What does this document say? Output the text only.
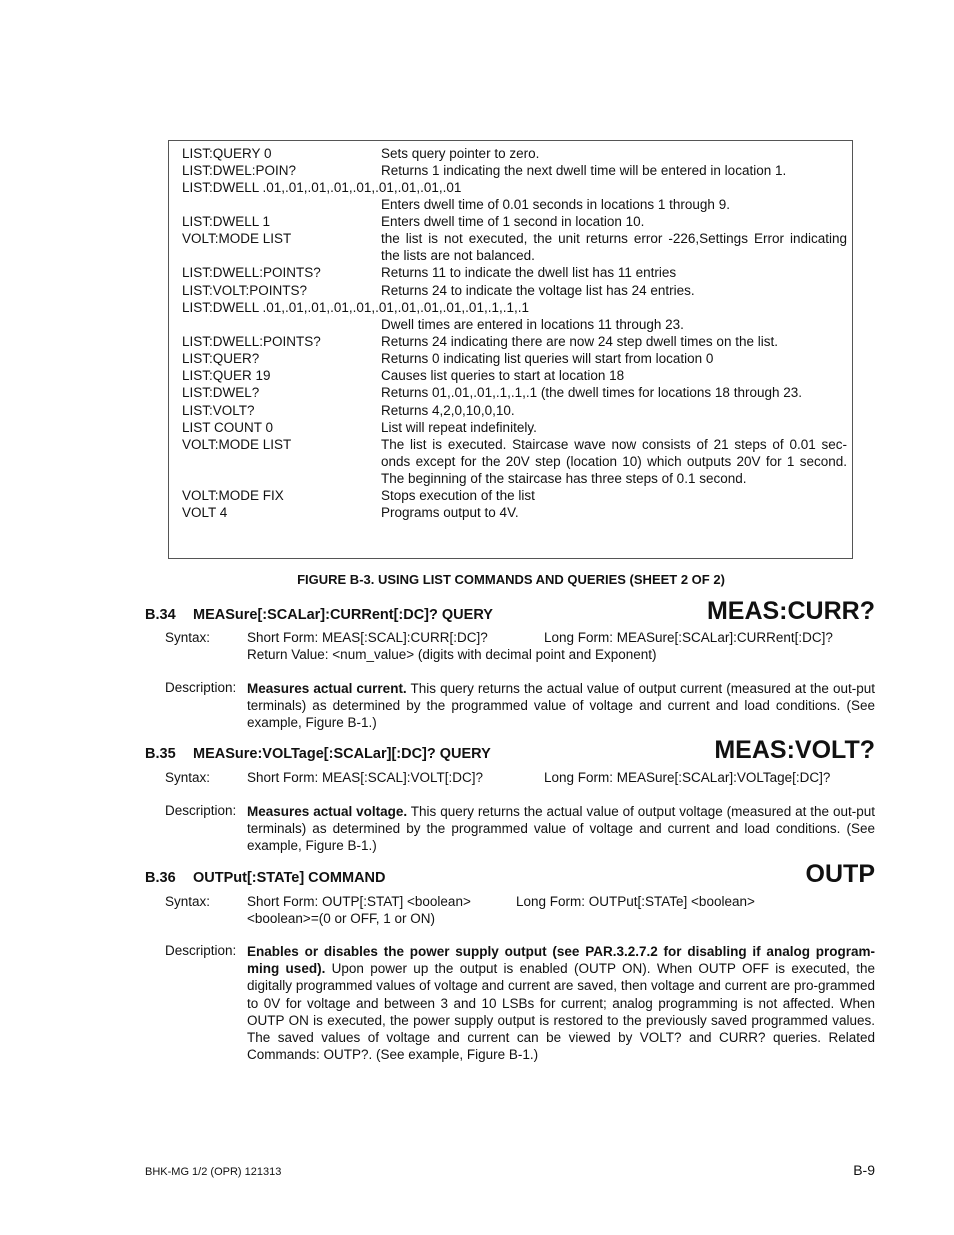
LIST:QUERY 0	Sets query pointer to zero.
LIST:DWEL:POIN?	Returns 1 indicating the next dwell time will be entered in location 1.
LIST:DWELL .01,.01,.01,.01,.01,.01,.01,.01,.01
Enters dwell time of 0.01 seconds in locations 1 through 9.
LIST:DWELL 1	Enters dwell time of 1 second in location 10.
VOLT:MODE LIST	the list is not executed, the unit returns error -226,Settings Error indicating
the lists are not balanced.
LIST:DWELL:POINTS?	Returns 11 to indicate the dwell list has 11 entries
LIST:VOLT:POINTS?	Returns 24 to indicate the voltage list has 24 entries.
LIST:DWELL .01,.01,.01,.01,.01,.01,.01,.01,.01,.01,.1,.1,.1
Dwell times are entered in locations 11 through 23.
LIST:DWELL:POINTS?	Returns 24 indicating there are now 24 step dwell times on the list.
LIST:QUER?	Returns 0 indicating list queries will start from location 0
LIST:QUER 19	Causes list queries to start at location 18
LIST:DWEL?	Returns 01,.01,.01,.1,.1,.1 (the dwell times for locations 18 through 23.
LIST:VOLT?	Returns 4,2,0,10,0,10.
LIST COUNT 0	List will repeat indefinitely.
VOLT:MODE LIST	The list is executed. Staircase wave now consists of 21 steps of 0.01 sec-
onds except for the 20V step (location 10) which outputs 20V for 1 second.
The beginning of the staircase has three steps of 0.1 second.
VOLT:MODE FIX	Stops execution of the list
VOLT 4	Programs output to 4V.
FIGURE B-3. USING LIST COMMANDS AND QUERIES (SHEET 2 OF 2)
B.34 MEASure[:SCALar]:CURRent[:DC]? QUERY	MEAS:CURR?
Syntax:	Short Form: MEAS[:SCAL]:CURR[:DC]?	Long Form: MEASure[:SCALar]:CURRent[:DC]?
Return Value: <num_value> (digits with decimal point and Exponent)
Description: Measures actual current. This query returns the actual value of output current (measured at the out-put terminals) as determined by the programmed value of voltage and current and load conditions. (See example, Figure B-1.)
B.35 MEASure:VOLTage[:SCALar][:DC]? QUERY	MEAS:VOLT?
Syntax:	Short Form: MEAS[:SCAL]:VOLT[:DC]?	Long Form: MEASure[:SCALar]:VOLTage[:DC]?
Description: Measures actual voltage. This query returns the actual value of output voltage (measured at the out-put terminals) as determined by the programmed value of voltage and current and load conditions. (See example, Figure B-1.)
B.36 OUTPut[:STATe] COMMAND	OUTP
Syntax:	Short Form: OUTP[:STAT] <boolean>	Long Form: OUTPut[:STATe] <boolean>
<boolean>=(0 or OFF, 1 or ON)
Description: Enables or disables the power supply output (see PAR.3.2.7.2 for disabling if analog program-ming used). Upon power up the output is enabled (OUTP ON). When OUTP OFF is executed, the digitally programmed values of voltage and current are saved, then voltage and current are pro-grammed to 0V for voltage and between 3 and 10 LSBs for current; analog programming is not affected. When OUTP ON is executed, the power supply output is restored to the previously saved programmed values. The saved values of voltage and current can be viewed by VOLT? and CURR? queries. Related Commands: OUTP?. (See example, Figure B-1.)
BHK-MG 1/2 (OPR) 121313	B-9
